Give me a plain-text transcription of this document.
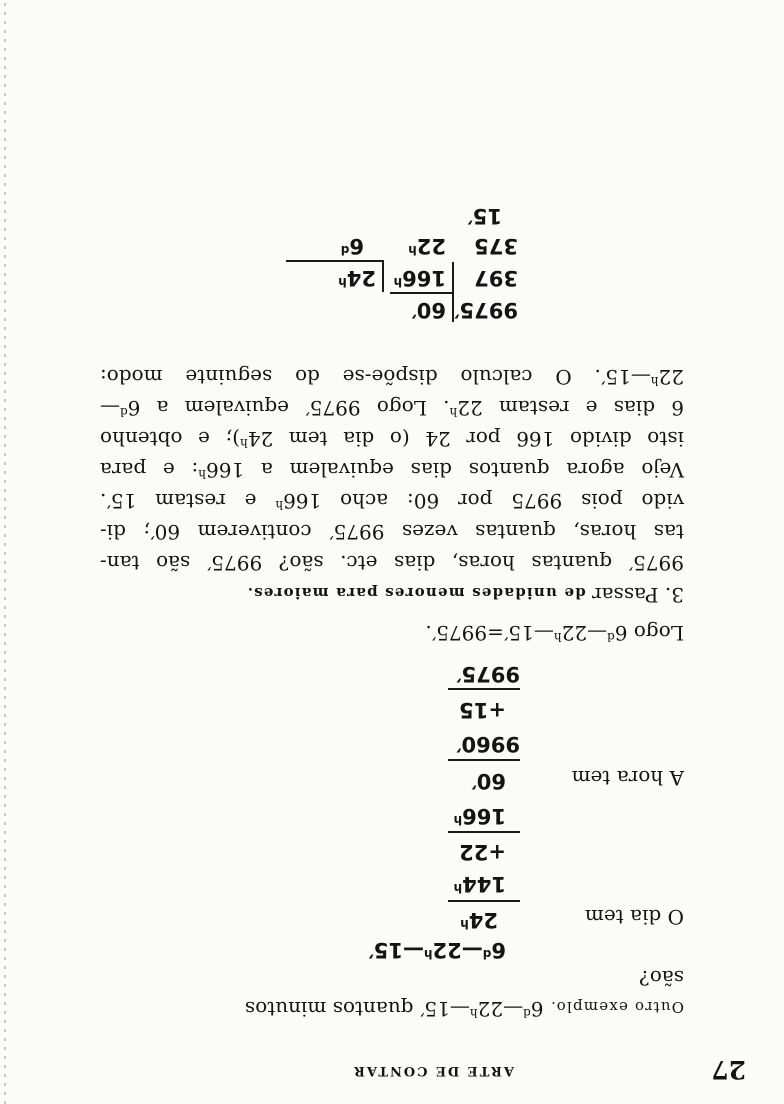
27
ARTE DE CONTAR
Outro exemplo. 6$^d$—22$^h$—15′ quantos minutos
são?
6$^d$—22$^h$—15′
O dia tem
24$^h$
$144^h$
+22
166$^h$
A hora tem
60′
9960′
+15
9975′
Logo $6^d—22^h—15'=9975'$.
3. Passar de unidades menores para maiores.
9975′ quantas horas, dias etc. são? 9975′ são tan-
tas horas, quantas vezes 9975′ contiverem 60′; di-
vido pois 9975 por 60: acho 166$^h$ e restam 15′.
Vejo agora quantos dias equivalem a 166$^h$: e para
isto divido 166 por 24 (o dia tem 24$^h$); e obtenho
6 dias e restam 22$^h$. Logo 9975′ equivalem a 6$^d$—
22$^h$—15′. O calculo dispõe-se do seguinte modo:
9975′
60′
397
166$^h$
24$^h$
375
22$^h$
6$^d$
15′
